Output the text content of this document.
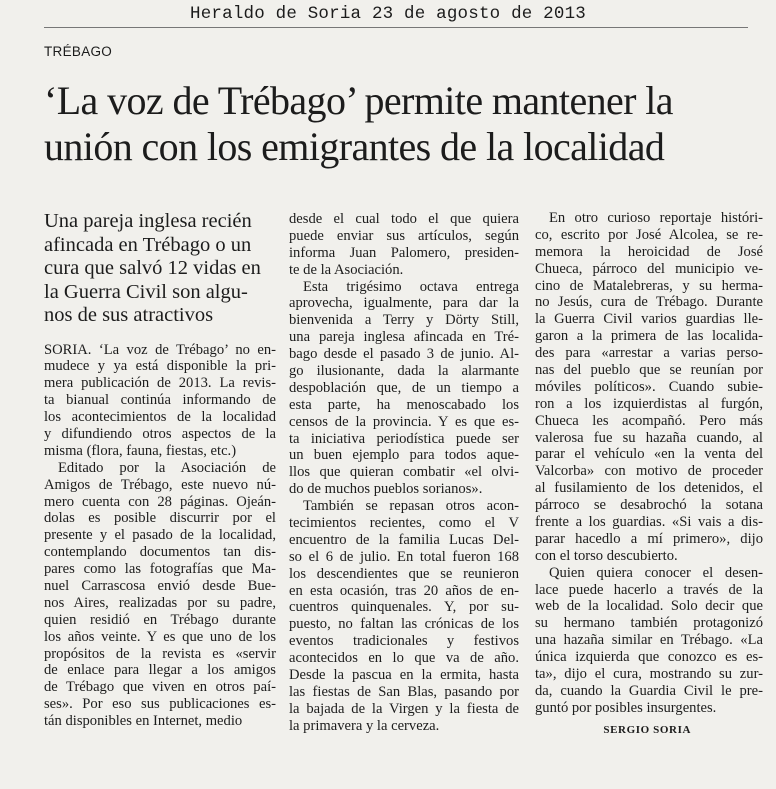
Heraldo de Soria 23 de agosto de 2013
TRÉBAGO
‘La voz de Trébago’ permite mantener la
unión con los emigrantes de la localidad
Una pareja inglesa recién
afincada en Trébago o un
cura que salvó 12 vidas en
la Guerra Civil son algu-
nos de sus atractivos

SORIA. ‘La voz de Trébago’ no en-
mudece y ya está disponible la pri-
mera publicación de 2013. La revis-
ta bianual continúa informando de
los acontecimientos de la localidad
y difundiendo otros aspectos de la
misma (flora, fauna, fiestas, etc.)

Editado por la Asociación de
Amigos de Trébago, este nuevo nú-
mero cuenta con 28 páginas. Ojeán-
dolas es posible discurrir por el
presente y el pasado de la localidad,
contemplando documentos tan dis-
pares como las fotografías que Ma-
nuel Carrascosa envió desde Bue-
nos Aires, realizadas por su padre,
quien residió en Trébago durante
los años veinte. Y es que uno de los
propósitos de la revista es «servir
de enlace para llegar a los amigos
de Trébago que viven en otros paí-
ses». Por eso sus publicaciones es-
tán disponibles en Internet, medio

desde el cual todo el que quiera
puede enviar sus artículos, según
informa Juan Palomero, presiden-
te de la Asociación.

Esta trigésimo octava entrega
aprovecha, igualmente, para dar la
bienvenida a Terry y Dörty Still,
una pareja inglesa afincada en Tré-
bago desde el pasado 3 de junio. Al-
go ilusionante, dada la alarmante
despoblación que, de un tiempo a
esta parte, ha menoscabado los
censos de la provincia. Y es que es-
ta iniciativa periodística puede ser
un buen ejemplo para todos aque-
llos que quieran combatir «el olvi-
do de muchos pueblos sorianos».

También se repasan otros acon-
tecimientos recientes, como el V
encuentro de la familia Lucas Del-
so el 6 de julio. En total fueron 168
los descendientes que se reunieron
en esta ocasión, tras 20 años de en-
cuentros quinquenales. Y, por su-
puesto, no faltan las crónicas de los
eventos tradicionales y festivos
acontecidos en lo que va de año.
Desde la pascua en la ermita, hasta
las fiestas de San Blas, pasando por
la bajada de la Virgen y la fiesta de
la primavera y la cerveza.

En otro curioso reportaje históri-
co, escrito por José Alcolea, se re-
memora la heroicidad de José
Chueca, párroco del municipio ve-
cino de Matalebreras, y su herma-
no Jesús, cura de Trébago. Durante
la Guerra Civil varios guardias lle-
garon a la primera de las localida-
des para «arrestar a varias perso-
nas del pueblo que se reunían por
móviles políticos». Cuando subie-
ron a los izquierdistas al furgón,
Chueca les acompañó. Pero más
valerosa fue su hazaña cuando, al
parar el vehículo «en la venta del
Valcorba» con motivo de proceder
al fusilamiento de los detenidos, el
párroco se desabrochó la sotana
frente a los guardias. «Si vais a dis-
parar hacedlo a mí primero», dijo
con el torso descubierto.

Quien quiera conocer el desen-
lace puede hacerlo a través de la
web de la localidad. Solo decir que
su hermano también protagonizó
una hazaña similar en Trébago. «La
única izquierda que conozco es es-
ta», dijo el cura, mostrando su zur-
da, cuando la Guardia Civil le pre-
guntó por posibles insurgentes.

SERGIO SORIA
